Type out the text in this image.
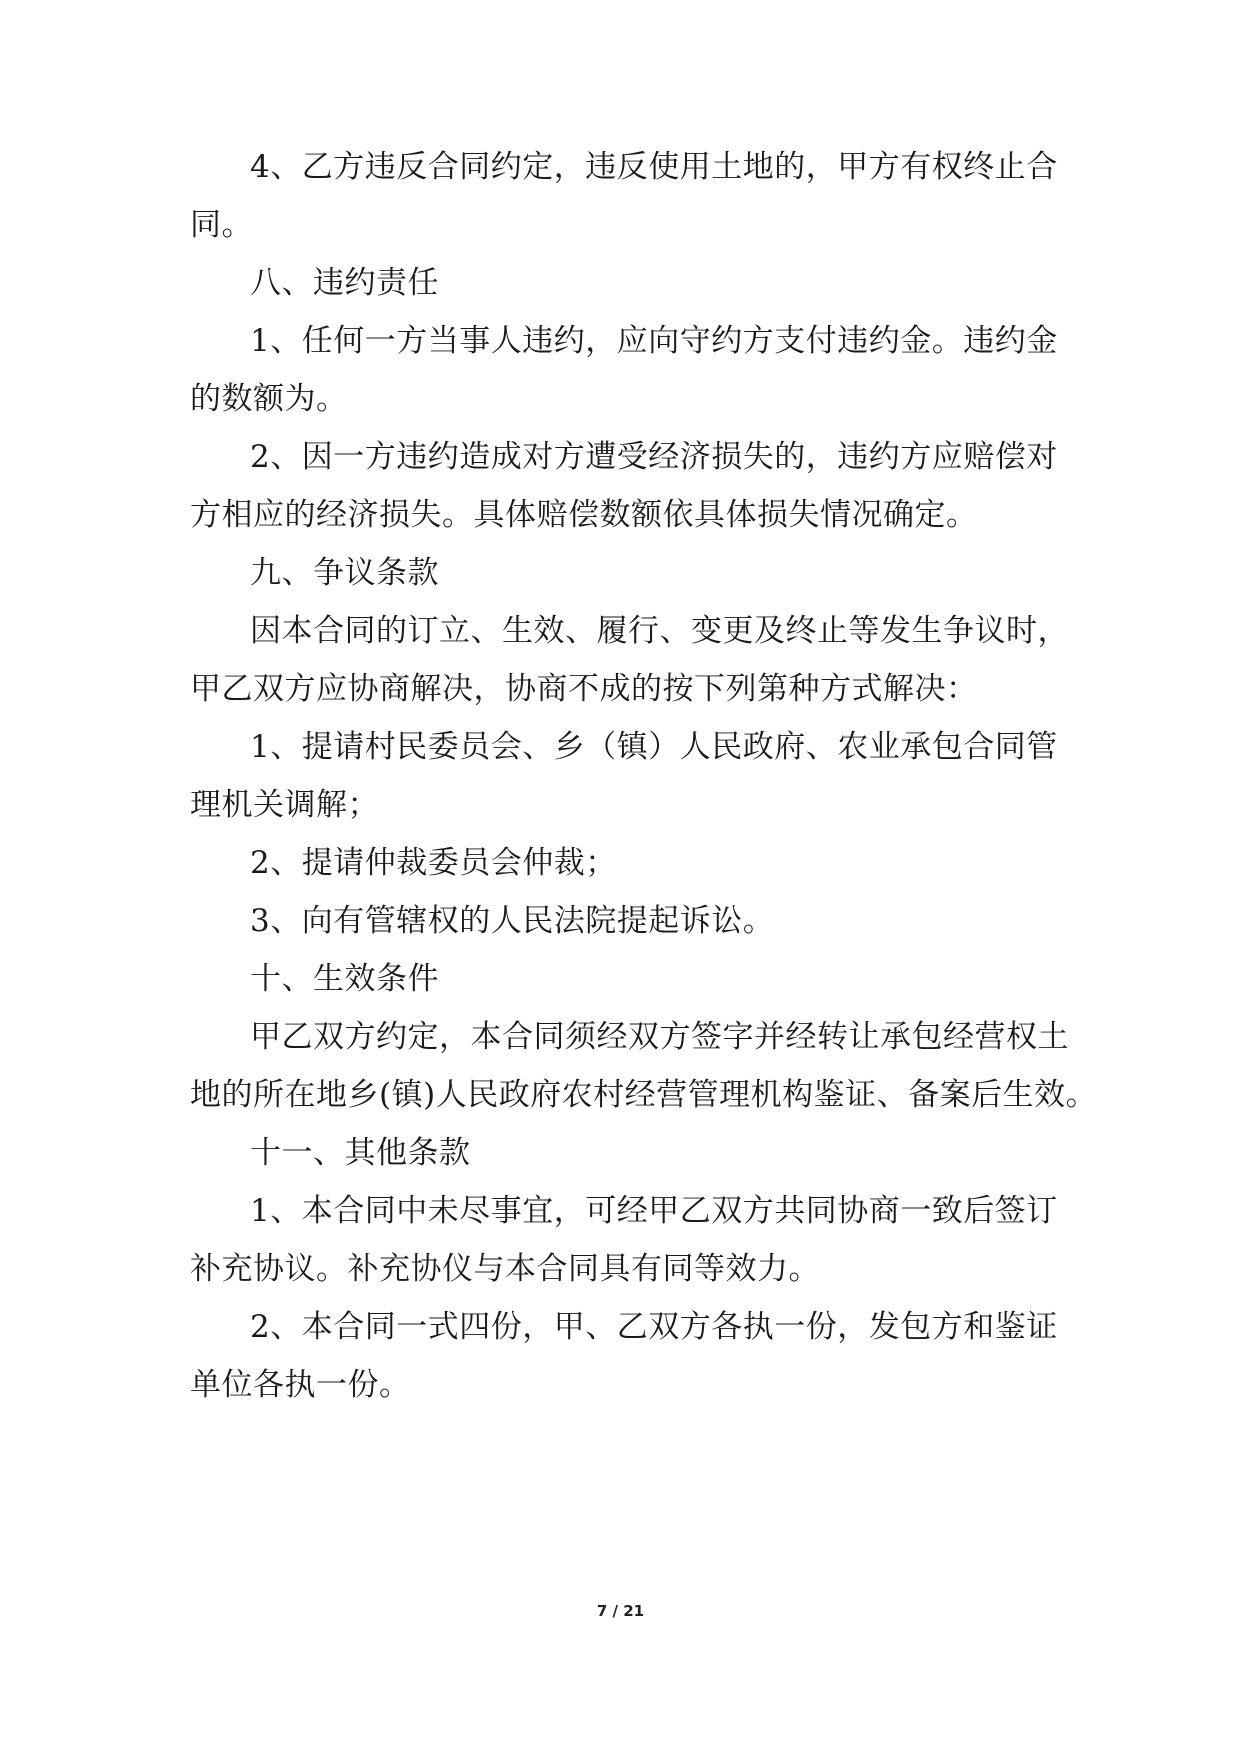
4、乙方违反合同约定，违反使用土地的，甲方有权终止合
同。
八、违约责任
1、任何一方当事人违约，应向守约方支付违约金。违约金
的数额为。
2、因一方违约造成对方遭受经济损失的，违约方应赔偿对
方相应的经济损失。具体赔偿数额依具体损失情况确定。
九、争议条款
因本合同的订立、生效、履行、变更及终止等发生争议时，
甲乙双方应协商解决，协商不成的按下列第种方式解决：
1、提请村民委员会、乡（镇）人民政府、农业承包合同管
理机关调解；
2、提请仲裁委员会仲裁；
3、向有管辖权的人民法院提起诉讼。
十、生效条件
甲乙双方约定，本合同须经双方签字并经转让承包经营权土
地的所在地乡(镇)人民政府农村经营管理机构鉴证、备案后生效。
十一、其他条款
1、本合同中未尽事宜，可经甲乙双方共同协商一致后签订
补充协议。补充协仪与本合同具有同等效力。
2、本合同一式四份，甲、乙双方各执一份，发包方和鉴证
单位各执一份。
7 / 21
